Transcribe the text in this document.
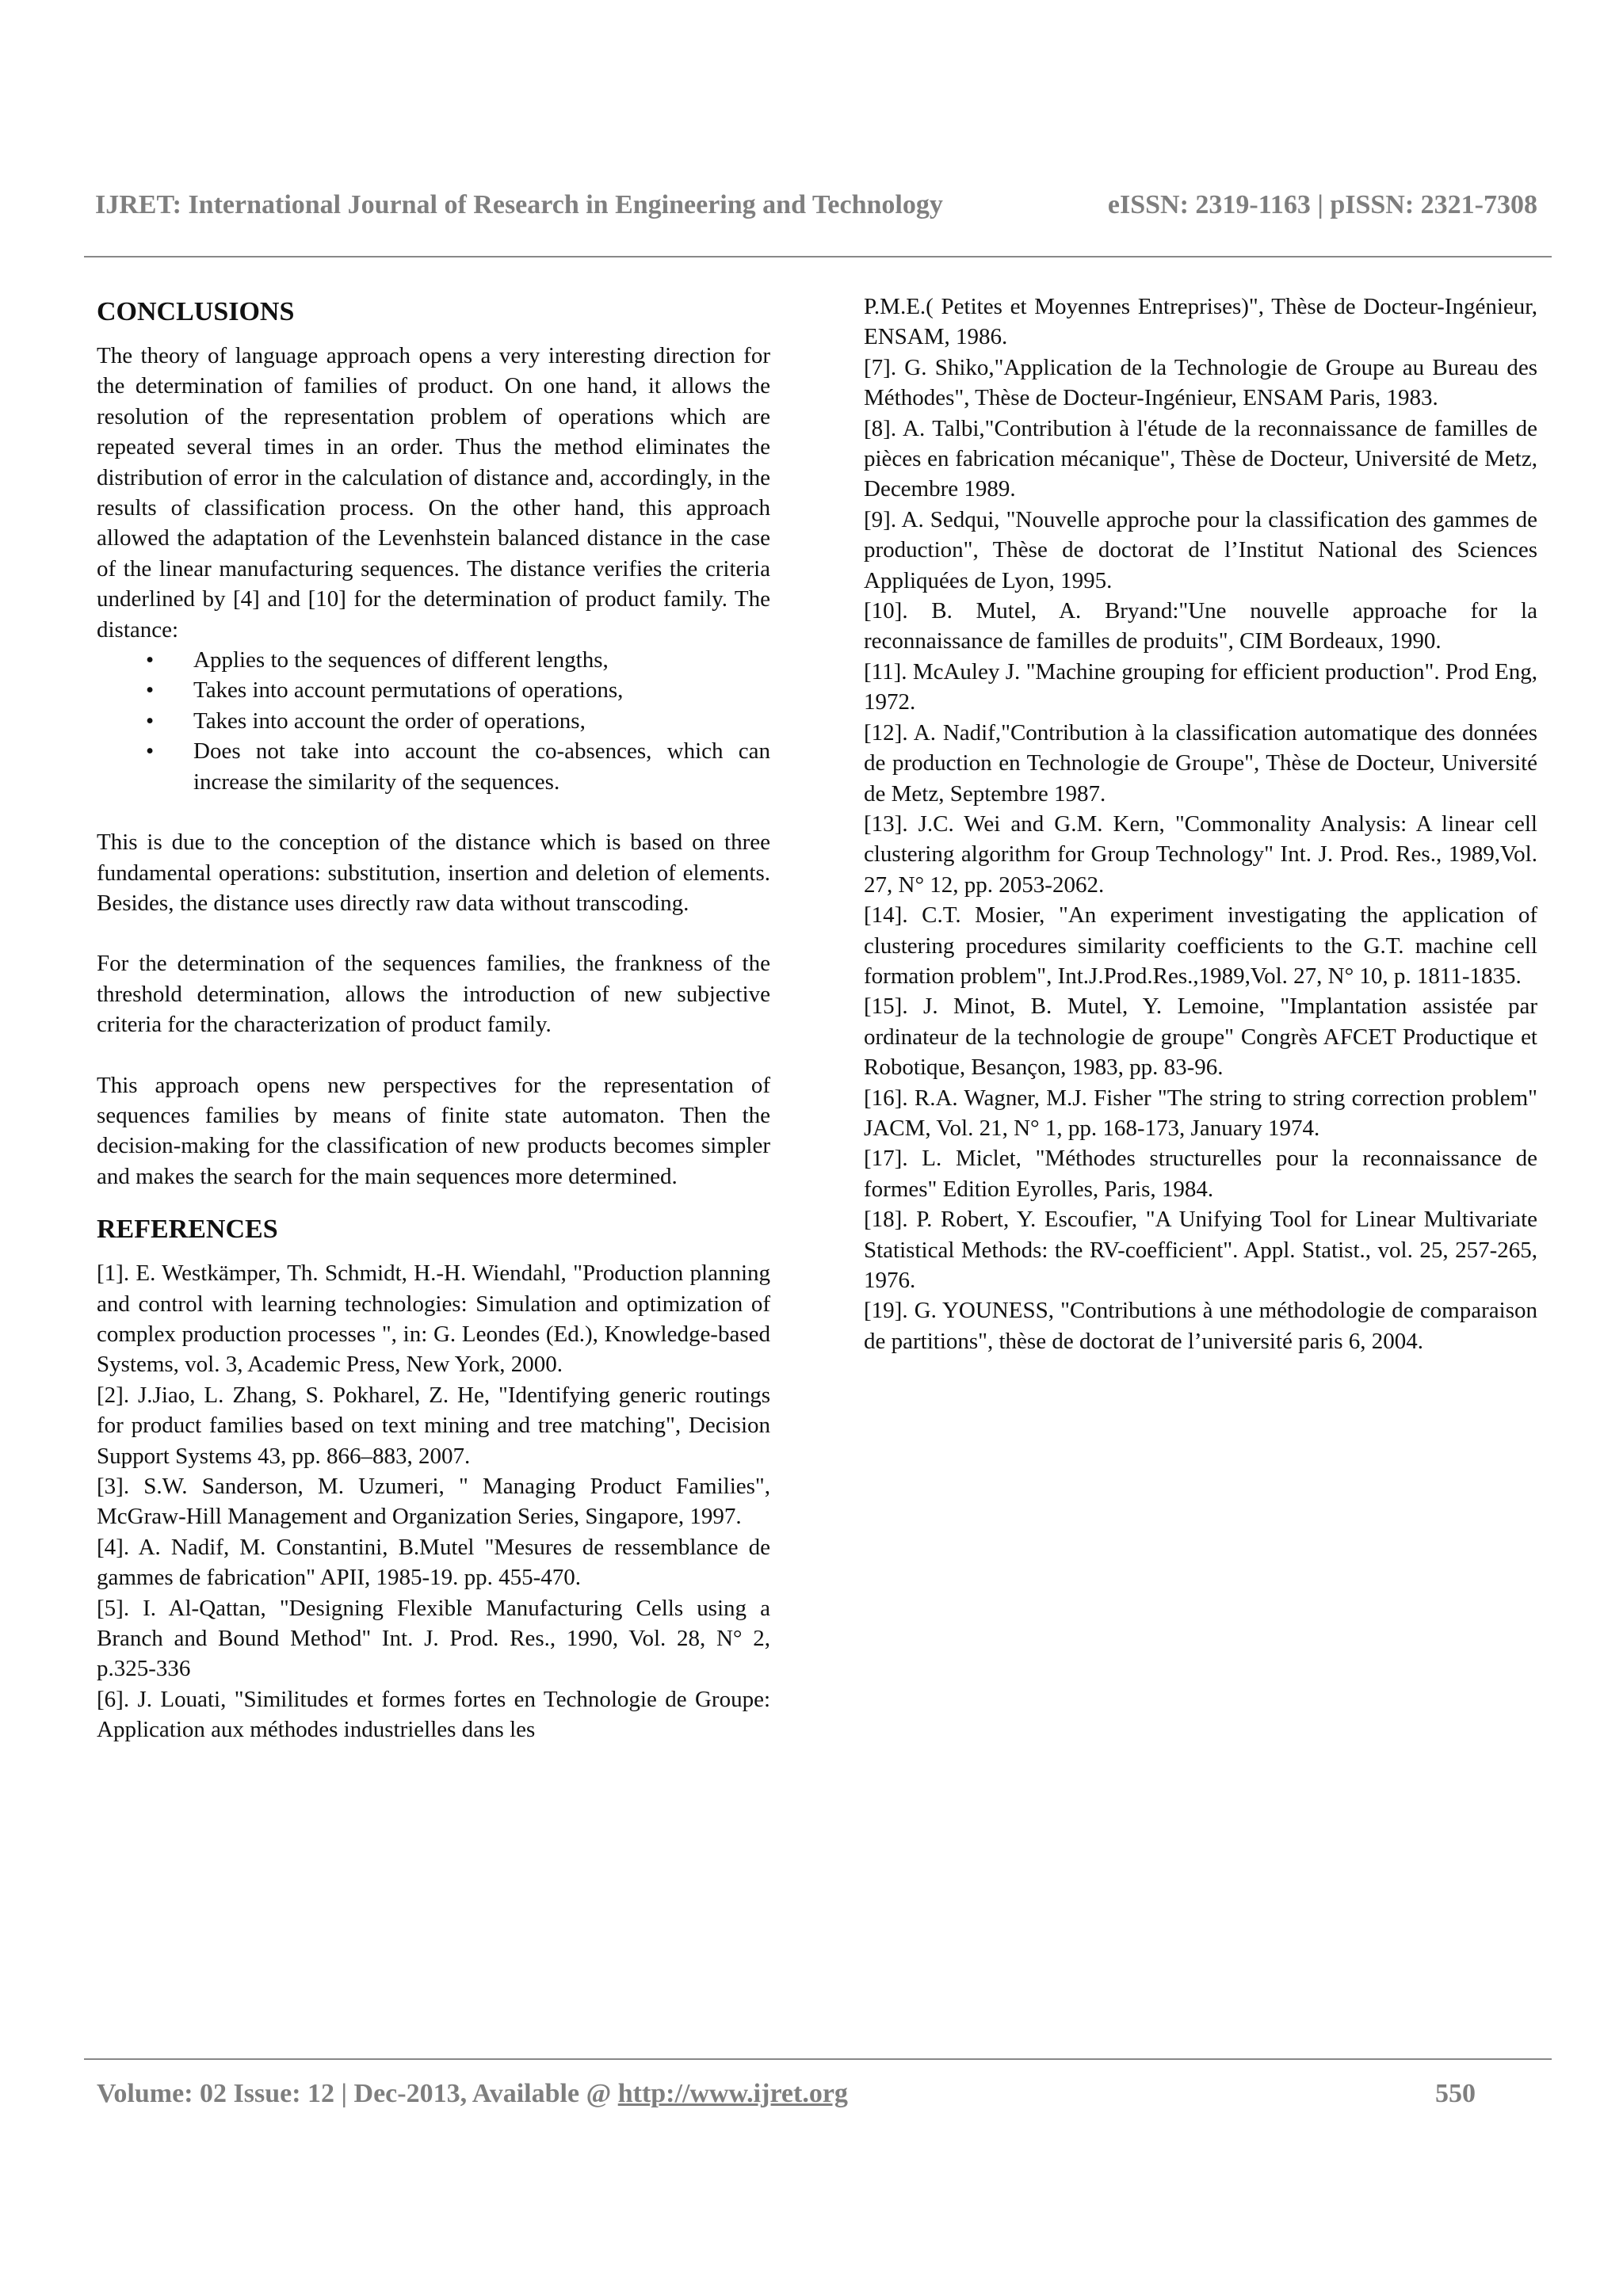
IJRET: International Journal of Research in Engineering and Technology	eISSN: 2319-1163 | pISSN: 2321-7308
CONCLUSIONS

The theory of language approach opens a very interesting direction for the determination of families of product. On one hand, it allows the resolution of the representation problem of operations which are repeated several times in an order. Thus the method eliminates the distribution of error in the calculation of distance and, accordingly, in the results of classification process. On the other hand, this approach allowed the adaptation of the Levenhstein balanced distance in the case of the linear manufacturing sequences. The distance verifies the criteria underlined by [4] and [10] for the determination of product family. The distance:

• Applies to the sequences of different lengths,
• Takes into account permutations of operations,
• Takes into account the order of operations,
• Does not take into account the co-absences, which can increase the similarity of the sequences.

This is due to the conception of the distance which is based on three fundamental operations: substitution, insertion and deletion of elements. Besides, the distance uses directly raw data without transcoding.

For the determination of the sequences families, the frankness of the threshold determination, allows the introduction of new subjective criteria for the characterization of product family.

This approach opens new perspectives for the representation of sequences families by means of finite state automaton. Then the decision-making for the classification of new products becomes simpler and makes the search for the main sequences more determined.

REFERENCES

[1]. E. Westkämper, Th. Schmidt, H.-H. Wiendahl, "Production planning and control with learning technologies: Simulation and optimization of complex production processes ", in: G. Leondes (Ed.), Knowledge-based Systems, vol. 3, Academic Press, New York, 2000.

[2]. J.Jiao, L. Zhang, S. Pokharel, Z. He, "Identifying generic routings for product families based on text mining and tree matching", Decision Support Systems 43, pp. 866–883, 2007.

[3]. S.W. Sanderson, M. Uzumeri, " Managing Product Families", McGraw-Hill Management and Organization Series, Singapore, 1997.

[4]. A. Nadif, M. Constantini, B.Mutel "Mesures de ressemblance de gammes de fabrication" APII, 1985-19. pp. 455-470.

[5]. I. Al-Qattan, "Designing Flexible Manufacturing Cells using a Branch and Bound Method" Int. J. Prod. Res., 1990, Vol. 28, N° 2, p.325-336

[6]. J. Louati, "Similitudes et formes fortes en Technologie de Groupe: Application aux méthodes industrielles dans les

P.M.E.( Petites et Moyennes Entreprises)", Thèse de Docteur-Ingénieur, ENSAM, 1986.

[7]. G. Shiko,"Application de la Technologie de Groupe au Bureau des Méthodes", Thèse de Docteur-Ingénieur, ENSAM Paris, 1983.

[8]. A. Talbi,"Contribution à l'étude de la reconnaissance de familles de pièces en fabrication mécanique", Thèse de Docteur, Université de Metz, Decembre 1989.

[9]. A. Sedqui, "Nouvelle approche pour la classification des gammes de production", Thèse de doctorat de l’Institut National des Sciences Appliquées de Lyon, 1995.

[10]. B. Mutel, A. Bryand:"Une nouvelle approache for la reconnaissance de familles de produits", CIM Bordeaux, 1990.

[11]. McAuley J. "Machine grouping for efficient production". Prod Eng, 1972.

[12]. A. Nadif,"Contribution à la classification automatique des données de production en Technologie de Groupe", Thèse de Docteur, Université de Metz, Septembre 1987.

[13]. J.C. Wei and G.M. Kern, "Commonality Analysis: A linear cell clustering algorithm for Group Technology" Int. J. Prod. Res., 1989,Vol. 27, N° 12, pp. 2053-2062.

[14]. C.T. Mosier, "An experiment investigating the application of clustering procedures similarity coefficients to the G.T. machine cell formation problem", Int.J.Prod.Res.,1989,Vol. 27, N° 10, p. 1811-1835.

[15]. J. Minot, B. Mutel, Y. Lemoine, "Implantation assistée par ordinateur de la technologie de groupe" Congrès AFCET Productique et Robotique, Besançon, 1983, pp. 83-96.

[16]. R.A. Wagner, M.J. Fisher "The string to string correction problem" JACM, Vol. 21, N° 1, pp. 168-173, January 1974.

[17]. L. Miclet, "Méthodes structurelles pour la reconnaissance de formes" Edition Eyrolles, Paris, 1984.

[18]. P. Robert, Y. Escoufier, "A Unifying Tool for Linear Multivariate Statistical Methods: the RV-coefficient". Appl. Statist., vol. 25, 257-265, 1976.

[19]. G. YOUNESS, "Contributions à une méthodologie de comparaison de partitions", thèse de doctorat de l’université paris 6, 2004.

Volume: 02 Issue: 12 | Dec-2013, Available @ http://www.ijret.org	550
